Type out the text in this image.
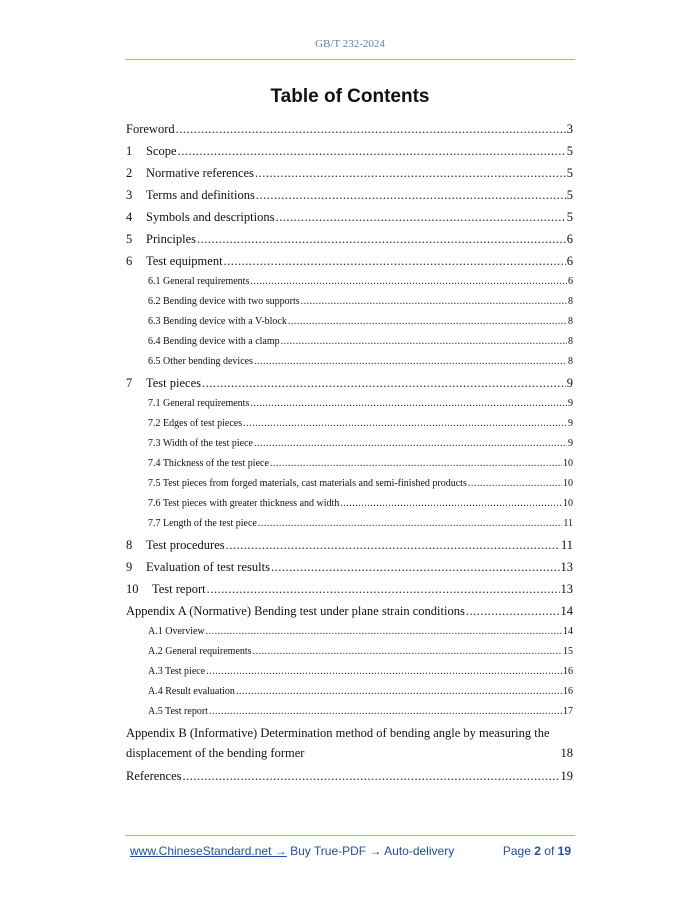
GB/T 232-2024
Table of Contents
Foreword .....	3
1	Scope .....	5
2	Normative references .....	5
3	Terms and definitions .....	5
4	Symbols and descriptions .....	5
5	Principles .....	6
6	Test equipment .....	6
6.1 General requirements .....	6
6.2 Bending device with two supports .....	8
6.3 Bending device with a V-block .....	8
6.4 Bending device with a clamp .....	8
6.5 Other bending devices .....	8
7	Test pieces .....	9
7.1 General requirements .....	9
7.2 Edges of test pieces .....	9
7.3 Width of the test piece .....	9
7.4 Thickness of the test piece .....	10
7.5 Test pieces from forged materials, cast materials and semi-finished products .....	10
7.6 Test pieces with greater thickness and width .....	10
7.7 Length of the test piece .....	11
8	Test procedures .....	11
9	Evaluation of test results .....	13
10	Test report .....	13
Appendix A (Normative) Bending test under plane strain conditions .....	14
A.1 Overview .....	14
A.2 General requirements .....	15
A.3 Test piece .....	16
A.4 Result evaluation .....	16
A.5 Test report .....	17
Appendix B (Informative) Determination method of bending angle by measuring the
displacement of the bending former	18
References .....	19
www.ChineseStandard.net → Buy True-PDF → Auto-delivery	Page 2 of 19
